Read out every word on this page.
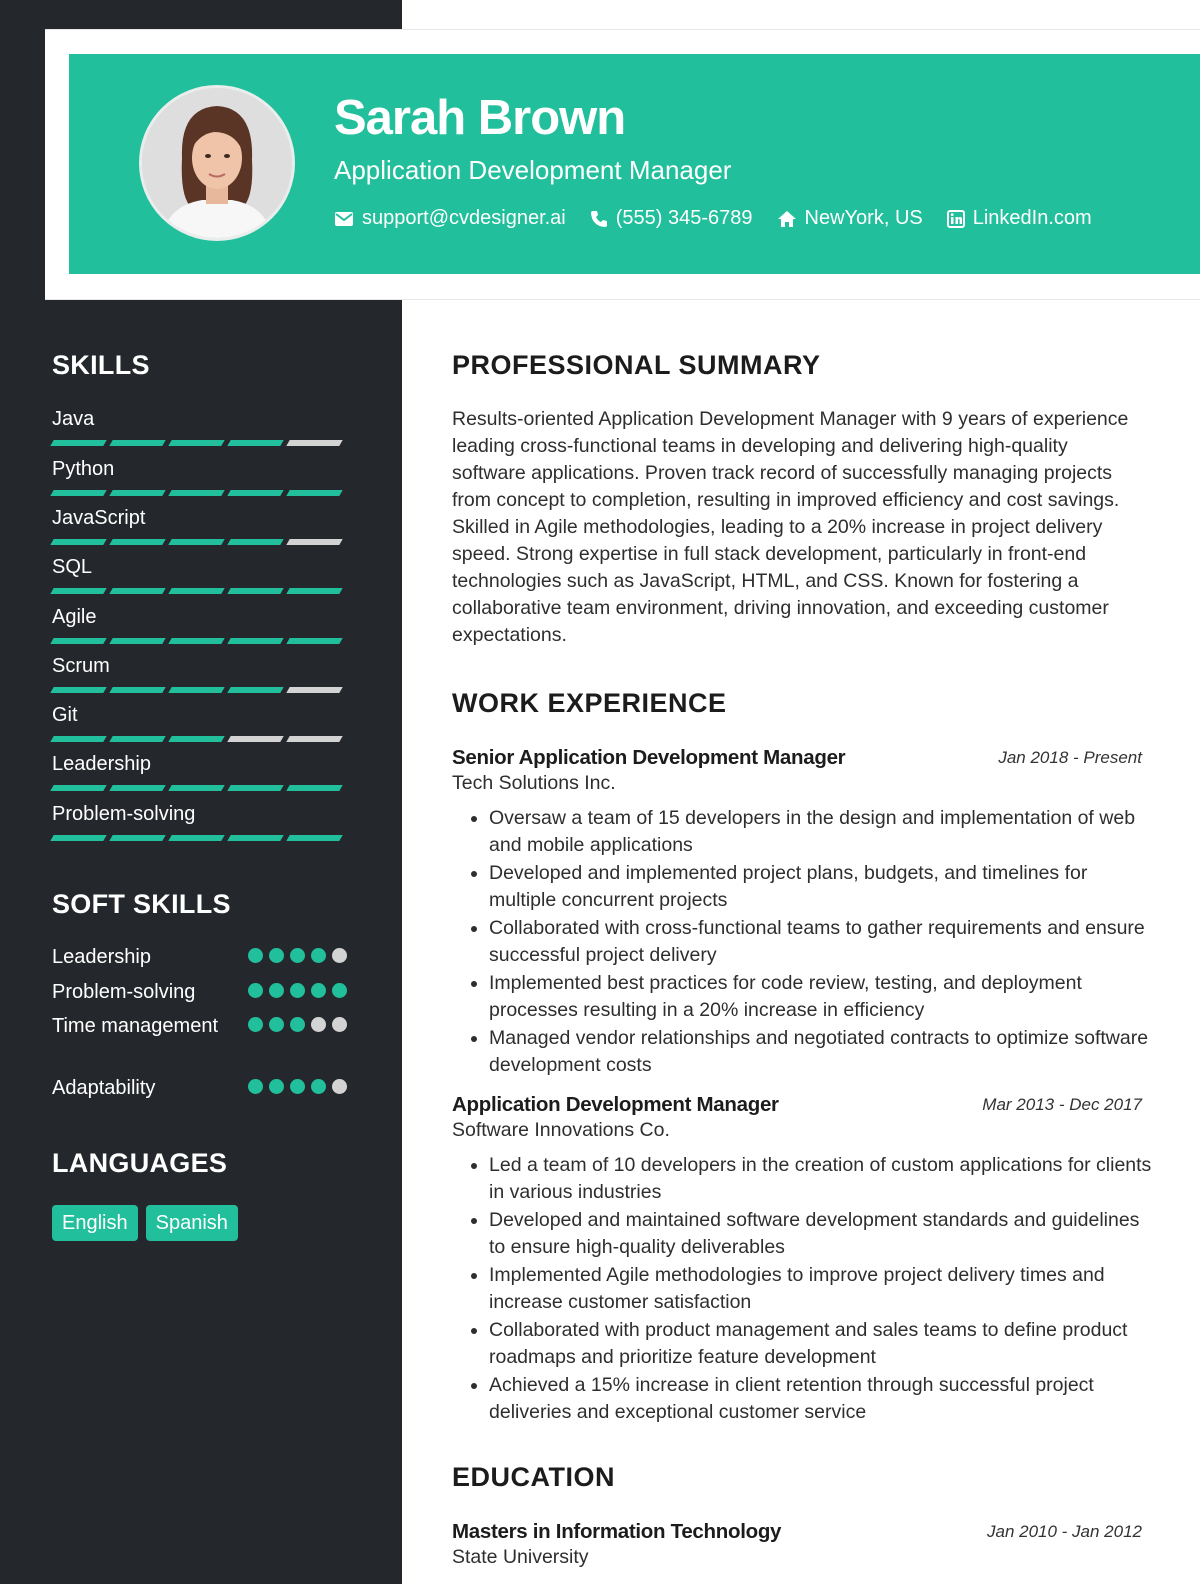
Sarah Brown
Application Development Manager
support@cvdesigner.ai	(555) 345-6789	NewYork, US	LinkedIn.com
SKILLS
Java
Python
JavaScript
SQL
Agile
Scrum
Git
Leadership
Problem-solving
SOFT SKILLS
Leadership
Problem-solving
Time management
Adaptability
LANGUAGES
English	Spanish
PROFESSIONAL SUMMARY

Results-oriented Application Development Manager with 9 years of experience leading cross-functional teams in developing and delivering high-quality software applications. Proven track record of successfully managing projects from concept to completion, resulting in improved efficiency and cost savings. Skilled in Agile methodologies, leading to a 20% increase in project delivery speed. Strong expertise in full stack development, particularly in front-end technologies such as JavaScript, HTML, and CSS. Known for fostering a collaborative team environment, driving innovation, and exceeding customer expectations.

WORK EXPERIENCE
Senior Application Development Manager	Jan 2018 - Present
Tech Solutions Inc.
• Oversaw a team of 15 developers in the design and implementation of web and mobile applications
• Developed and implemented project plans, budgets, and timelines for multiple concurrent projects
• Collaborated with cross-functional teams to gather requirements and ensure successful project delivery
• Implemented best practices for code review, testing, and deployment processes resulting in a 20% increase in efficiency
• Managed vendor relationships and negotiated contracts to optimize software development costs
Application Development Manager	Mar 2013 - Dec 2017
Software Innovations Co.
• Led a team of 10 developers in the creation of custom applications for clients in various industries
• Developed and maintained software development standards and guidelines to ensure high-quality deliverables
• Implemented Agile methodologies to improve project delivery times and increase customer satisfaction
• Collaborated with product management and sales teams to define product roadmaps and prioritize feature development
• Achieved a 15% increase in client retention through successful project deliveries and exceptional customer service
EDUCATION
Masters in Information Technology	Jan 2010 - Jan 2012
State University
